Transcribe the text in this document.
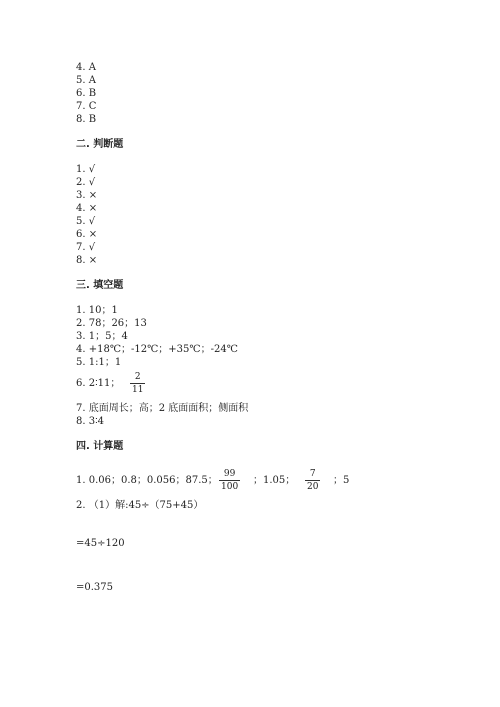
4. A
5. A
6. B
7. C
8. B
二. 判断题
1. √
2. √
3. ×
4. ×
5. √
6. ×
7. √
8. ×
三. 填空题
1. 10；1
2. 78；26；13
3. 1；5；4
4. +18℃；-12℃；+35℃；-24℃
5. 1:1；1
6. 2∶11；
2
11
7. 底面周长；高；2 底面面积；侧面积
8. 3∶4
四. 计算题
1. 0.06；0.8；0.056；87.5；
99
100
；1.05；
7
20
；5
2. （1）解:45÷（75+45）
=45÷120
=0.375
